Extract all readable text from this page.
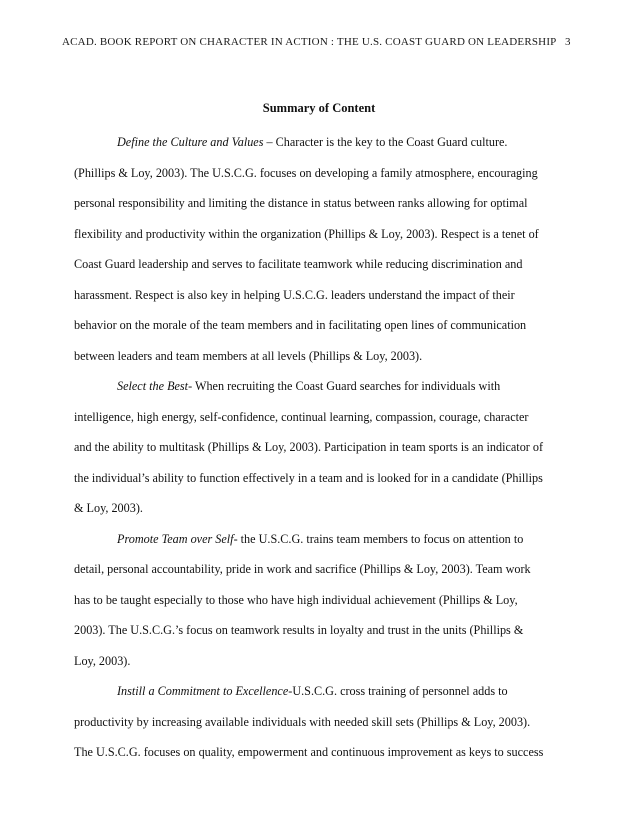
ACAD. BOOK REPORT ON CHARACTER IN ACTION : THE U.S. COAST GUARD ON LEADERSHIP 3
Summary of Content
Define the Culture and Values – Character is the key to the Coast Guard culture.
(Phillips & Loy, 2003). The U.S.C.G. focuses on developing a family atmosphere, encouraging
personal responsibility and limiting the distance in status between ranks allowing for optimal
flexibility and productivity within the organization (Phillips & Loy, 2003). Respect is a tenet of
Coast Guard leadership and serves to facilitate teamwork while reducing discrimination and
harassment. Respect is also key in helping U.S.C.G. leaders understand the impact of their
behavior on the morale of the team members and in facilitating open lines of communication
between leaders and team members at all levels (Phillips & Loy, 2003).
Select the Best- When recruiting the Coast Guard searches for individuals with
intelligence, high energy, self-confidence, continual learning, compassion, courage, character
and the ability to multitask (Phillips & Loy, 2003). Participation in team sports is an indicator of
the individual’s ability to function effectively in a team and is looked for in a candidate (Phillips
& Loy, 2003).
Promote Team over Self- the U.S.C.G. trains team members to focus on attention to
detail, personal accountability, pride in work and sacrifice (Phillips & Loy, 2003). Team work
has to be taught especially to those who have high individual achievement (Phillips & Loy,
2003). The U.S.C.G.’s focus on teamwork results in loyalty and trust in the units (Phillips &
Loy, 2003).
Instill a Commitment to Excellence-U.S.C.G. cross training of personnel adds to
productivity by increasing available individuals with needed skill sets (Phillips & Loy, 2003).
The U.S.C.G. focuses on quality, empowerment and continuous improvement as keys to success
